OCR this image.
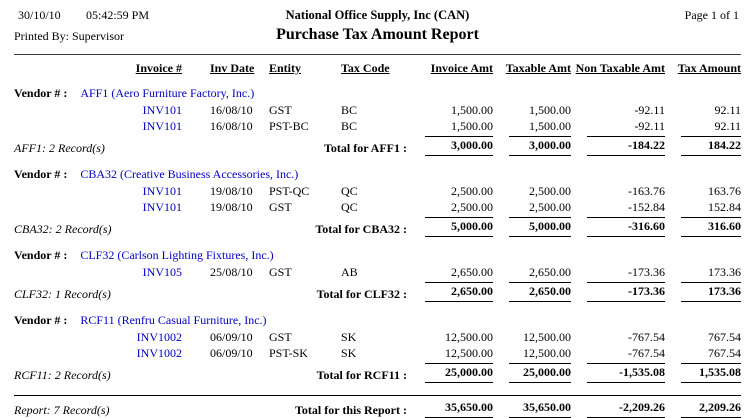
30/10/10 05:42:59 PM	National Office Supply, Inc (CAN)	Page 1 of 1
Printed By: Supervisor	Purchase Tax Amount Report
Invoice #	Inv Date	Entity	Tax Code	Invoice Amt	Taxable Amt	Non Taxable Amt	Tax Amount
Vendor # : AFF1 (Aero Furniture Factory, Inc.)							
INV101	16/08/10	GST	BC	1,500.00	1,500.00	-92.11	92.11
INV101	16/08/10	PST-BC	BC	1,500.00	1,500.00	-92.11	92.11
AFF1: 2 Record(s)	Total for AFF1 :			3,000.00	3,000.00	-184.22	184.22

Vendor # : CBA32 (Creative Business Accessories, Inc.)							
INV101	19/08/10	PST-QC	QC	2,500.00	2,500.00	-163.76	163.76
INV101	19/08/10	GST	QC	2,500.00	2,500.00	-152.84	152.84
CBA32: 2 Record(s)	Total for CBA32 :			5,000.00	5,000.00	-316.60	316.60

Vendor # : CLF32 (Carlson Lighting Fixtures, Inc.)							
INV105	25/08/10	GST	AB	2,650.00	2,650.00	-173.36	173.36
CLF32: 1 Record(s)	Total for CLF32 :			2,650.00	2,650.00	-173.36	173.36

Vendor # : RCF11 (Renfru Casual Furniture, Inc.)							
INV1002	06/09/10	GST	SK	12,500.00	12,500.00	-767.54	767.54
INV1002	06/09/10	PST-SK	SK	12,500.00	12,500.00	-767.54	767.54
RCF11: 2 Record(s)	Total for RCF11 :			25,000.00	25,000.00	-1,535.08	1,535.08

Report: 7 Record(s)	Total for this Report :			35,650.00	35,650.00	-2,209.26	2,209.26
